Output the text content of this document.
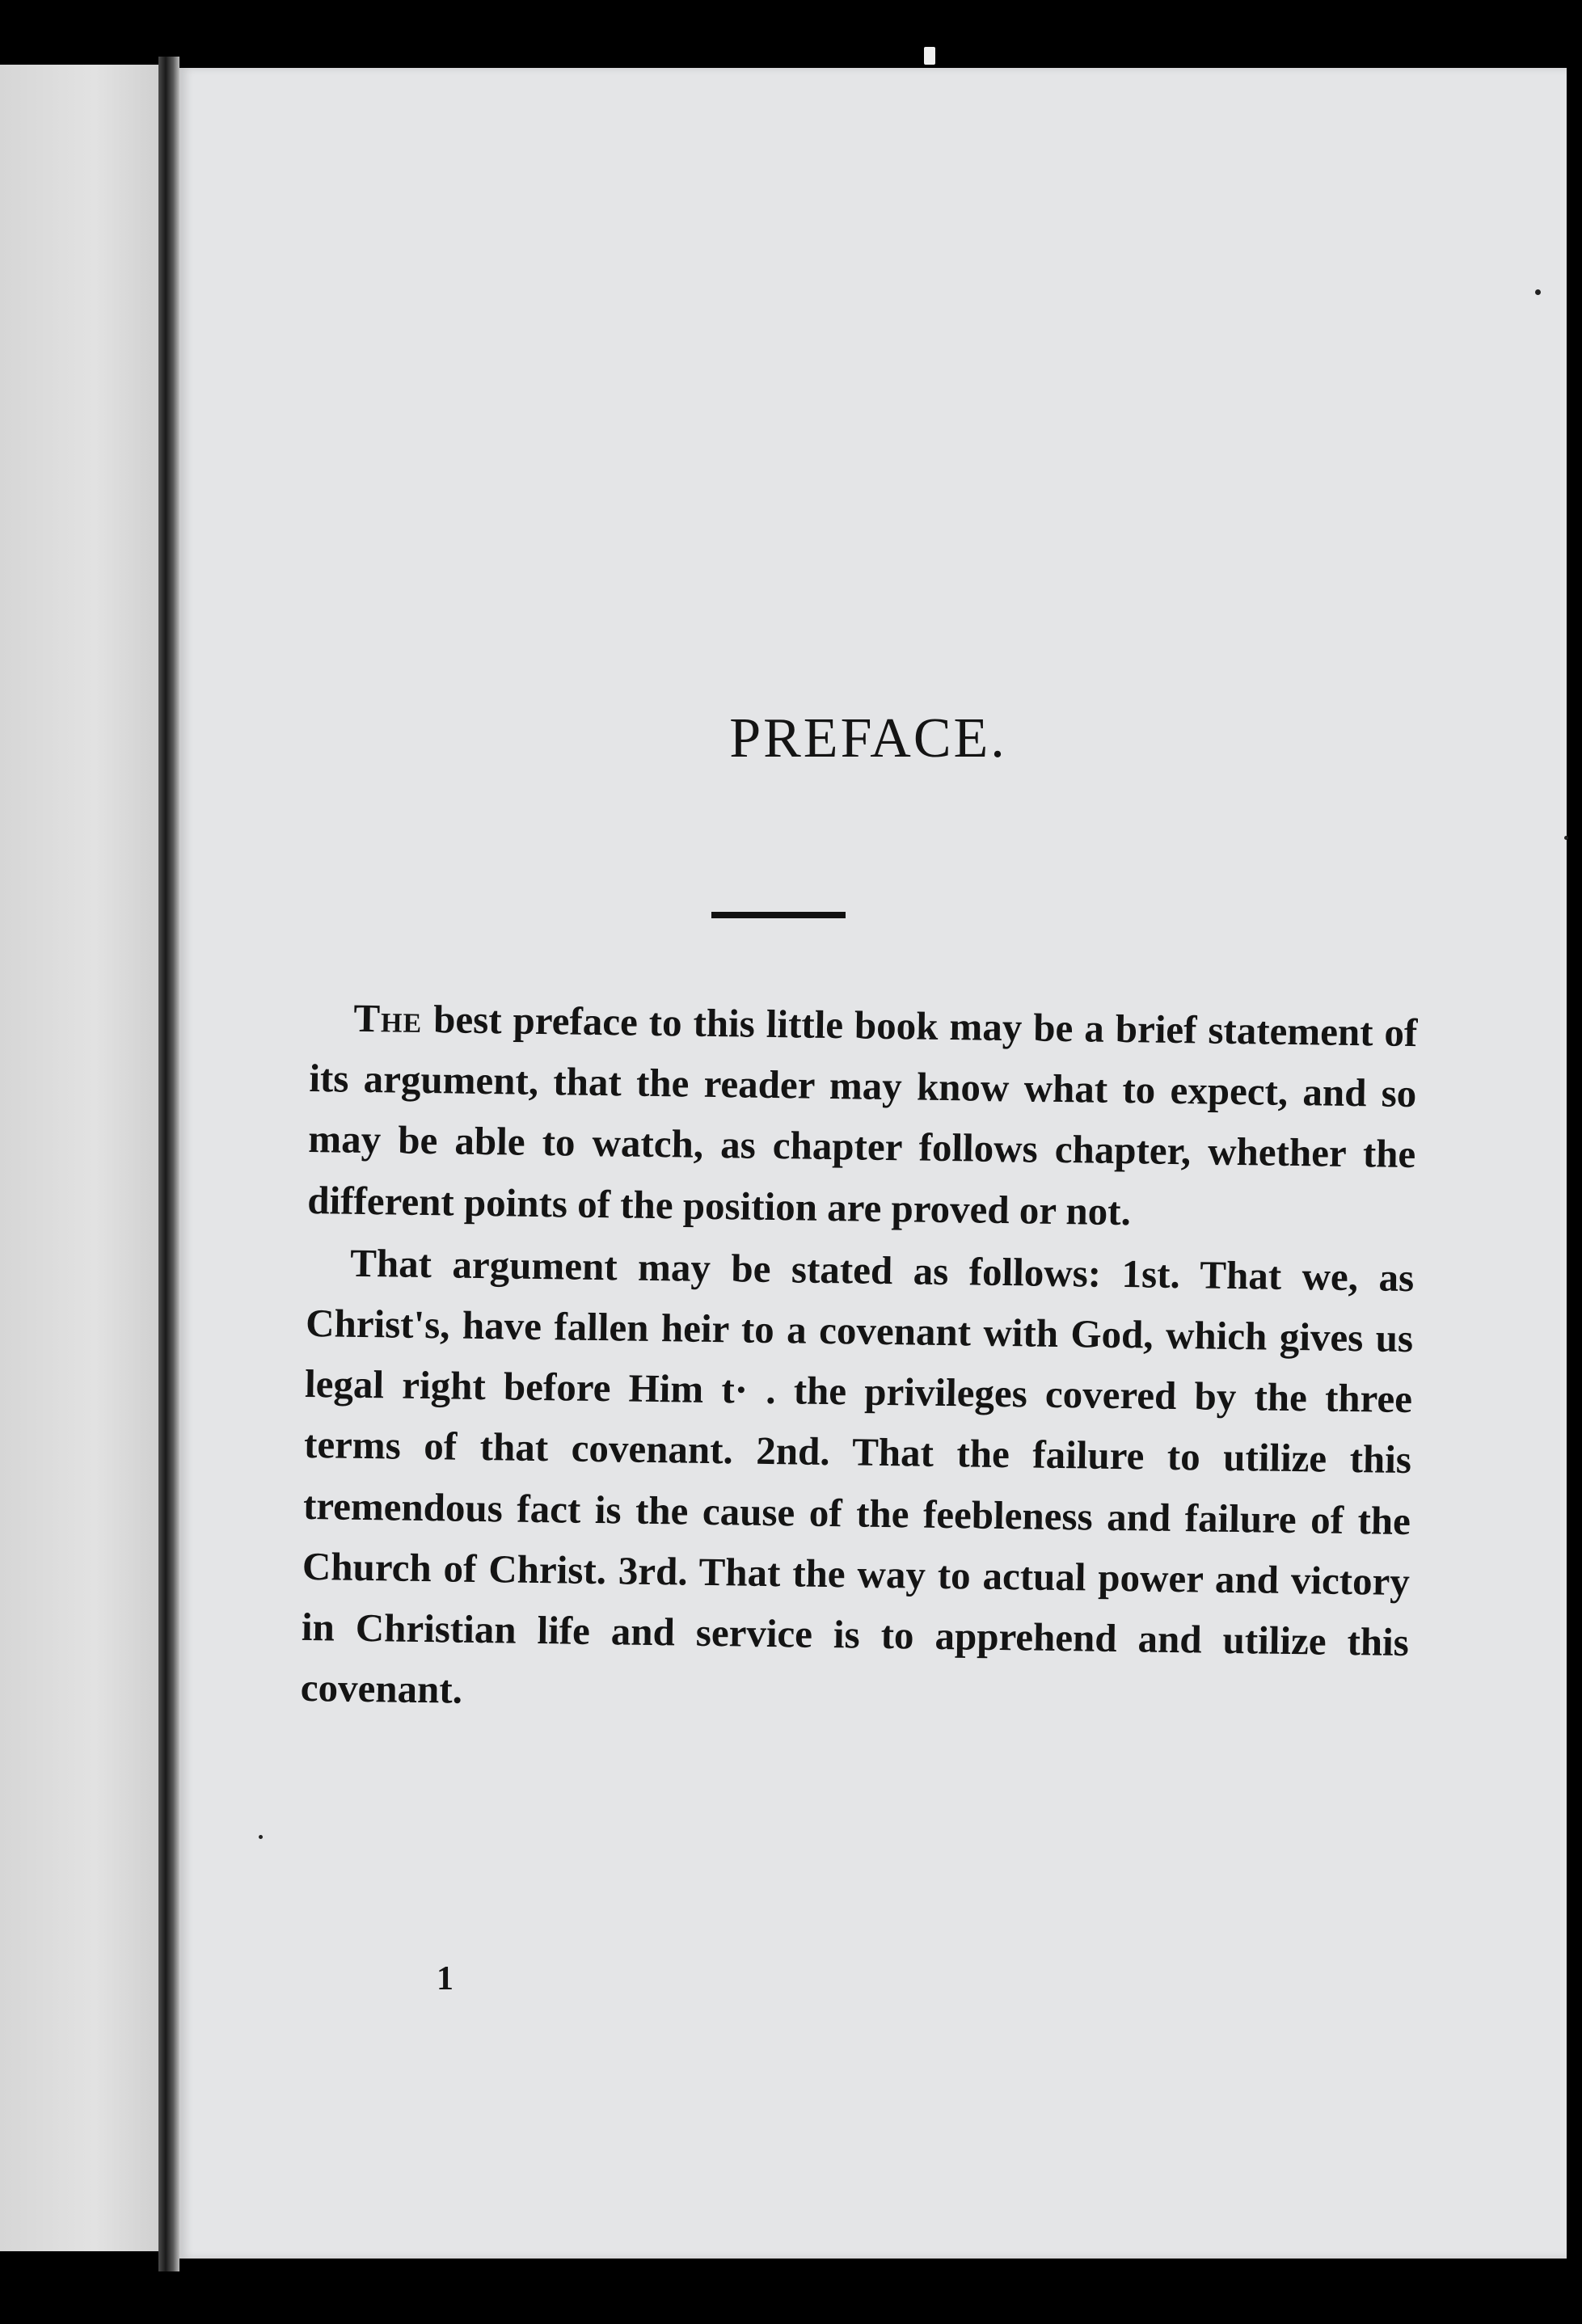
PREFACE.

The best preface to this little book may be a brief statement of its argument, that the reader may know what to expect, and so may be able to watch, as chapter follows chapter, whether the different points of the position are proved or not.

That argument may be stated as follows: 1st. That we, as Christ's, have fallen heir to a covenant with God, which gives us legal right before Him t· . the privileges covered by the three terms of that covenant. 2nd. That the failure to utilize this tremendous fact is the cause of the feebleness and failure of the Church of Christ. 3rd. That the way to actual power and victory in Christian life and service is to apprehend and utilize this covenant.

1
